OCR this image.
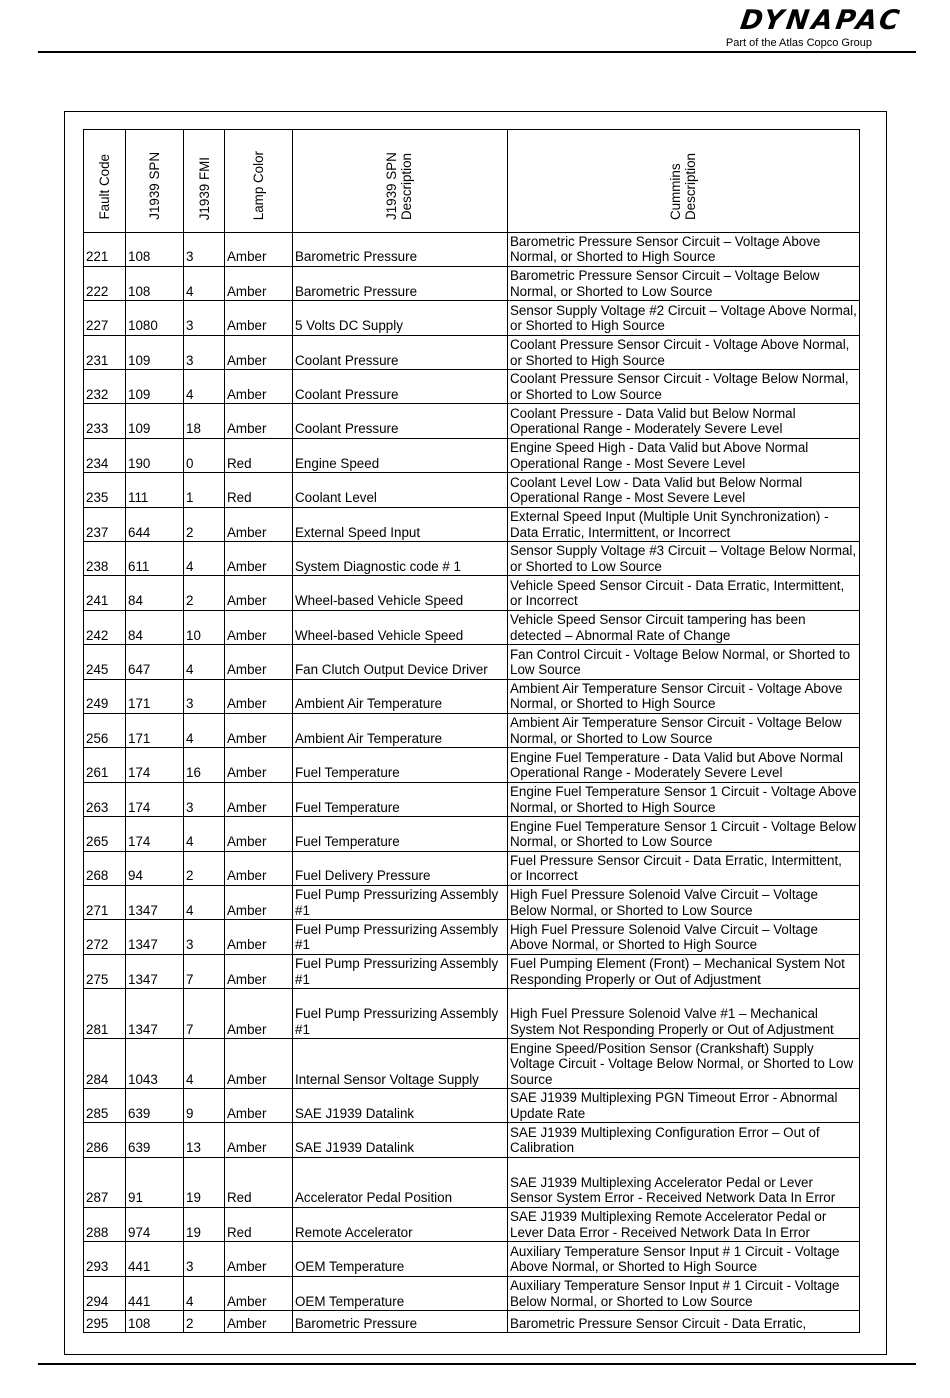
DYNAPAC
Part of the Atlas Copco Group
Fault Code	J1939 SPN	J1939 FMI	Lamp Color	J1939 SPN Description	Cummins Description
221	108	3	Amber	Barometric Pressure	Barometric Pressure Sensor Circuit – Voltage Above Normal, or Shorted to High Source
222	108	4	Amber	Barometric Pressure	Barometric Pressure Sensor Circuit – Voltage Below Normal, or Shorted to Low Source
227	1080	3	Amber	5 Volts DC Supply	Sensor Supply Voltage #2 Circuit – Voltage Above Normal, or Shorted to High Source
231	109	3	Amber	Coolant Pressure	Coolant Pressure Sensor Circuit - Voltage Above Normal, or Shorted to High Source
232	109	4	Amber	Coolant Pressure	Coolant Pressure Sensor Circuit - Voltage Below Normal, or Shorted to Low Source
233	109	18	Amber	Coolant Pressure	Coolant Pressure - Data Valid but Below Normal Operational Range - Moderately Severe Level
234	190	0	Red	Engine Speed	Engine Speed High - Data Valid but Above Normal Operational Range - Most Severe Level
235	111	1	Red	Coolant Level	Coolant Level Low - Data Valid but Below Normal Operational Range - Most Severe Level
237	644	2	Amber	External Speed Input	External Speed Input (Multiple Unit Synchronization) - Data Erratic, Intermittent, or Incorrect
238	611	4	Amber	System Diagnostic code # 1	Sensor Supply Voltage #3 Circuit – Voltage Below Normal, or Shorted to Low Source
241	84	2	Amber	Wheel-based Vehicle Speed	Vehicle Speed Sensor Circuit - Data Erratic, Intermittent, or Incorrect
242	84	10	Amber	Wheel-based Vehicle Speed	Vehicle Speed Sensor Circuit tampering has been detected – Abnormal Rate of Change
245	647	4	Amber	Fan Clutch Output Device Driver	Fan Control Circuit - Voltage Below Normal, or Shorted to Low Source
249	171	3	Amber	Ambient Air Temperature	Ambient Air Temperature Sensor Circuit - Voltage Above Normal, or Shorted to High Source
256	171	4	Amber	Ambient Air Temperature	Ambient Air Temperature Sensor Circuit - Voltage Below Normal, or Shorted to Low Source
261	174	16	Amber	Fuel Temperature	Engine Fuel Temperature - Data Valid but Above Normal Operational Range - Moderately Severe Level
263	174	3	Amber	Fuel Temperature	Engine Fuel Temperature Sensor 1 Circuit - Voltage Above Normal, or Shorted to High Source
265	174	4	Amber	Fuel Temperature	Engine Fuel Temperature Sensor 1 Circuit - Voltage Below Normal, or Shorted to Low Source
268	94	2	Amber	Fuel Delivery Pressure	Fuel Pressure Sensor Circuit - Data Erratic, Intermittent, or Incorrect
271	1347	4	Amber	Fuel Pump Pressurizing Assembly #1	High Fuel Pressure Solenoid Valve Circuit – Voltage Below Normal, or Shorted to Low Source
272	1347	3	Amber	Fuel Pump Pressurizing Assembly #1	High Fuel Pressure Solenoid Valve Circuit – Voltage Above Normal, or Shorted to High Source
275	1347	7	Amber	Fuel Pump Pressurizing Assembly #1	Fuel Pumping Element (Front) – Mechanical System Not Responding Properly or Out of Adjustment
281	1347	7	Amber	Fuel Pump Pressurizing Assembly #1	High Fuel Pressure Solenoid Valve #1 – Mechanical System Not Responding Properly or Out of Adjustment
284	1043	4	Amber	Internal Sensor Voltage Supply	Engine Speed/Position Sensor (Crankshaft) Supply Voltage Circuit - Voltage Below Normal, or Shorted to Low Source
285	639	9	Amber	SAE J1939 Datalink	SAE J1939 Multiplexing PGN Timeout Error - Abnormal Update Rate
286	639	13	Amber	SAE J1939 Datalink	SAE J1939 Multiplexing Configuration Error – Out of Calibration
287	91	19	Red	Accelerator Pedal Position	SAE J1939 Multiplexing Accelerator Pedal or Lever Sensor System Error - Received Network Data In Error
288	974	19	Red	Remote Accelerator	SAE J1939 Multiplexing Remote Accelerator Pedal or Lever Data Error - Received Network Data In Error
293	441	3	Amber	OEM Temperature	Auxiliary Temperature Sensor Input # 1 Circuit - Voltage Above Normal, or Shorted to High Source
294	441	4	Amber	OEM Temperature	Auxiliary Temperature Sensor Input # 1 Circuit - Voltage Below Normal, or Shorted to Low Source
295	108	2	Amber	Barometric Pressure	Barometric Pressure Sensor Circuit - Data Erratic,
